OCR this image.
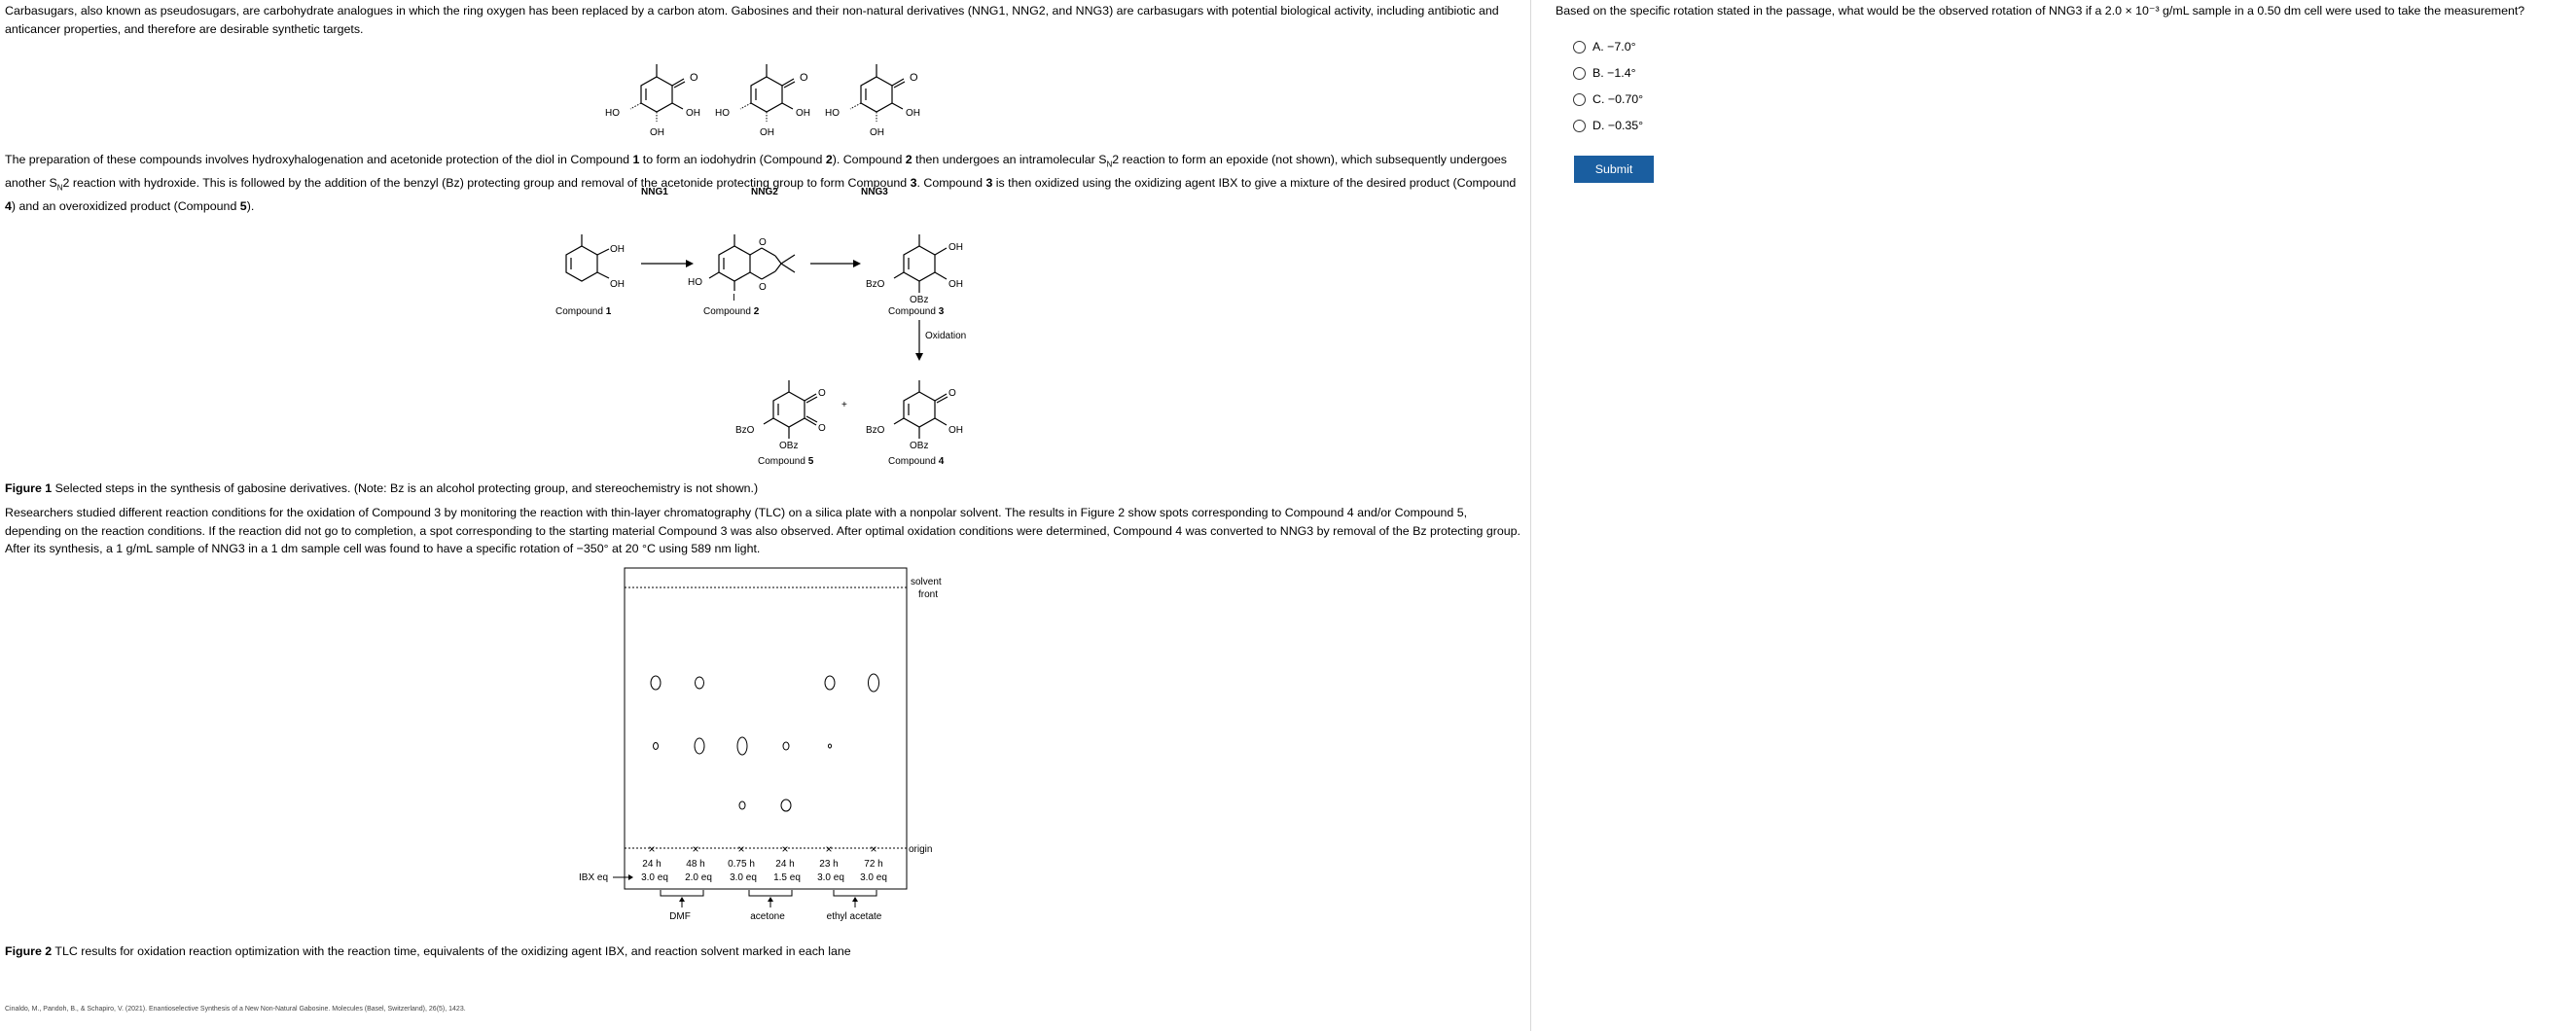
Carbasugars, also known as pseudosugars, are carbohydrate analogues in which the ring oxygen has been replaced by a carbon atom. Gabosines and their non-natural derivatives (NNG1, NNG2, and NNG3) are carbasugars with potential biological activity, including antibiotic and anticancer properties, and therefore are desirable synthetic targets.

O
OH
HO
OH
NNG1
O
OH
HO
OH
NNG2
O
OH
HO
OH
NNG3

The preparation of these compounds involves hydroxyhalogenation and acetonide protection of the diol in Compound 1 to form an iodohydrin (Compound 2). Compound 2 then undergoes an intramolecular $S_N2$ reaction to form an epoxide (not shown), which subsequently undergoes another $S_N2$ reaction with hydroxide. This is followed by the addition of the benzyl (Bz) protecting group and removal of the acetonide protecting group to form Compound 3. Compound 3 is then oxidized using the oxidizing agent IBX to give a mixture of the desired product (Compound 4) and an overoxidized product (Compound 5).

OH
OH
Compound 1
O
O
HO
I
Compound 2
OH
OH
BzO
OBz
Compound 3
Oxidation
O
O
BzO
OBz
Compound 5
+
O
OH
BzO
OBz
Compound 4
Figure 1 Selected steps in the synthesis of gabosine derivatives. (Note: Bz is an alcohol protecting group, and stereochemistry is not shown.)

Researchers studied different reaction conditions for the oxidation of Compound 3 by monitoring the reaction with thin-layer chromatography (TLC) on a silica plate with a nonpolar solvent. The results in Figure 2 show spots corresponding to Compound 4 and/or Compound 5, depending on the reaction conditions. If the reaction did not go to completion, a spot corresponding to the starting material Compound 3 was also observed. After optimal oxidation conditions were determined, Compound 4 was converted to NNG3 by removal of the Bz protecting group. After its synthesis, a 1 g/mL sample of NNG3 in a 1 dm sample cell was found to have a specific rotation of −350° at 20 °C using 589 nm light.

solvent
front
origin
×	×	×	×	×	×
24 h	48 h 0.75 h 24 h	23 h	72 h
IBX eq	3.0 eq 2.0 eq 3.0 eq 1.5 eq 3.0 eq 3.0 eq
DMF	acetone	ethyl acetate
Figure 2 TLC results for oxidation reaction optimization with the reaction time, equivalents of the oxidizing agent IBX, and reaction solvent marked in each lane
Cinaldo, M., Pandoh, B., & Schapiro, V. (2021). Enantioselective Synthesis of a New Non-Natural Gabosine. Molecules (Basel, Switzerland), 26(5), 1423.
Based on the specific rotation stated in the passage, what would be the observed rotation of NNG3 if a 2.0 × 10⁻³ g/mL sample in a 0.50 dm cell were used to take the measurement?
A. −7.0°
B. −1.4°
C. −0.70°
D. −0.35°
Submit
